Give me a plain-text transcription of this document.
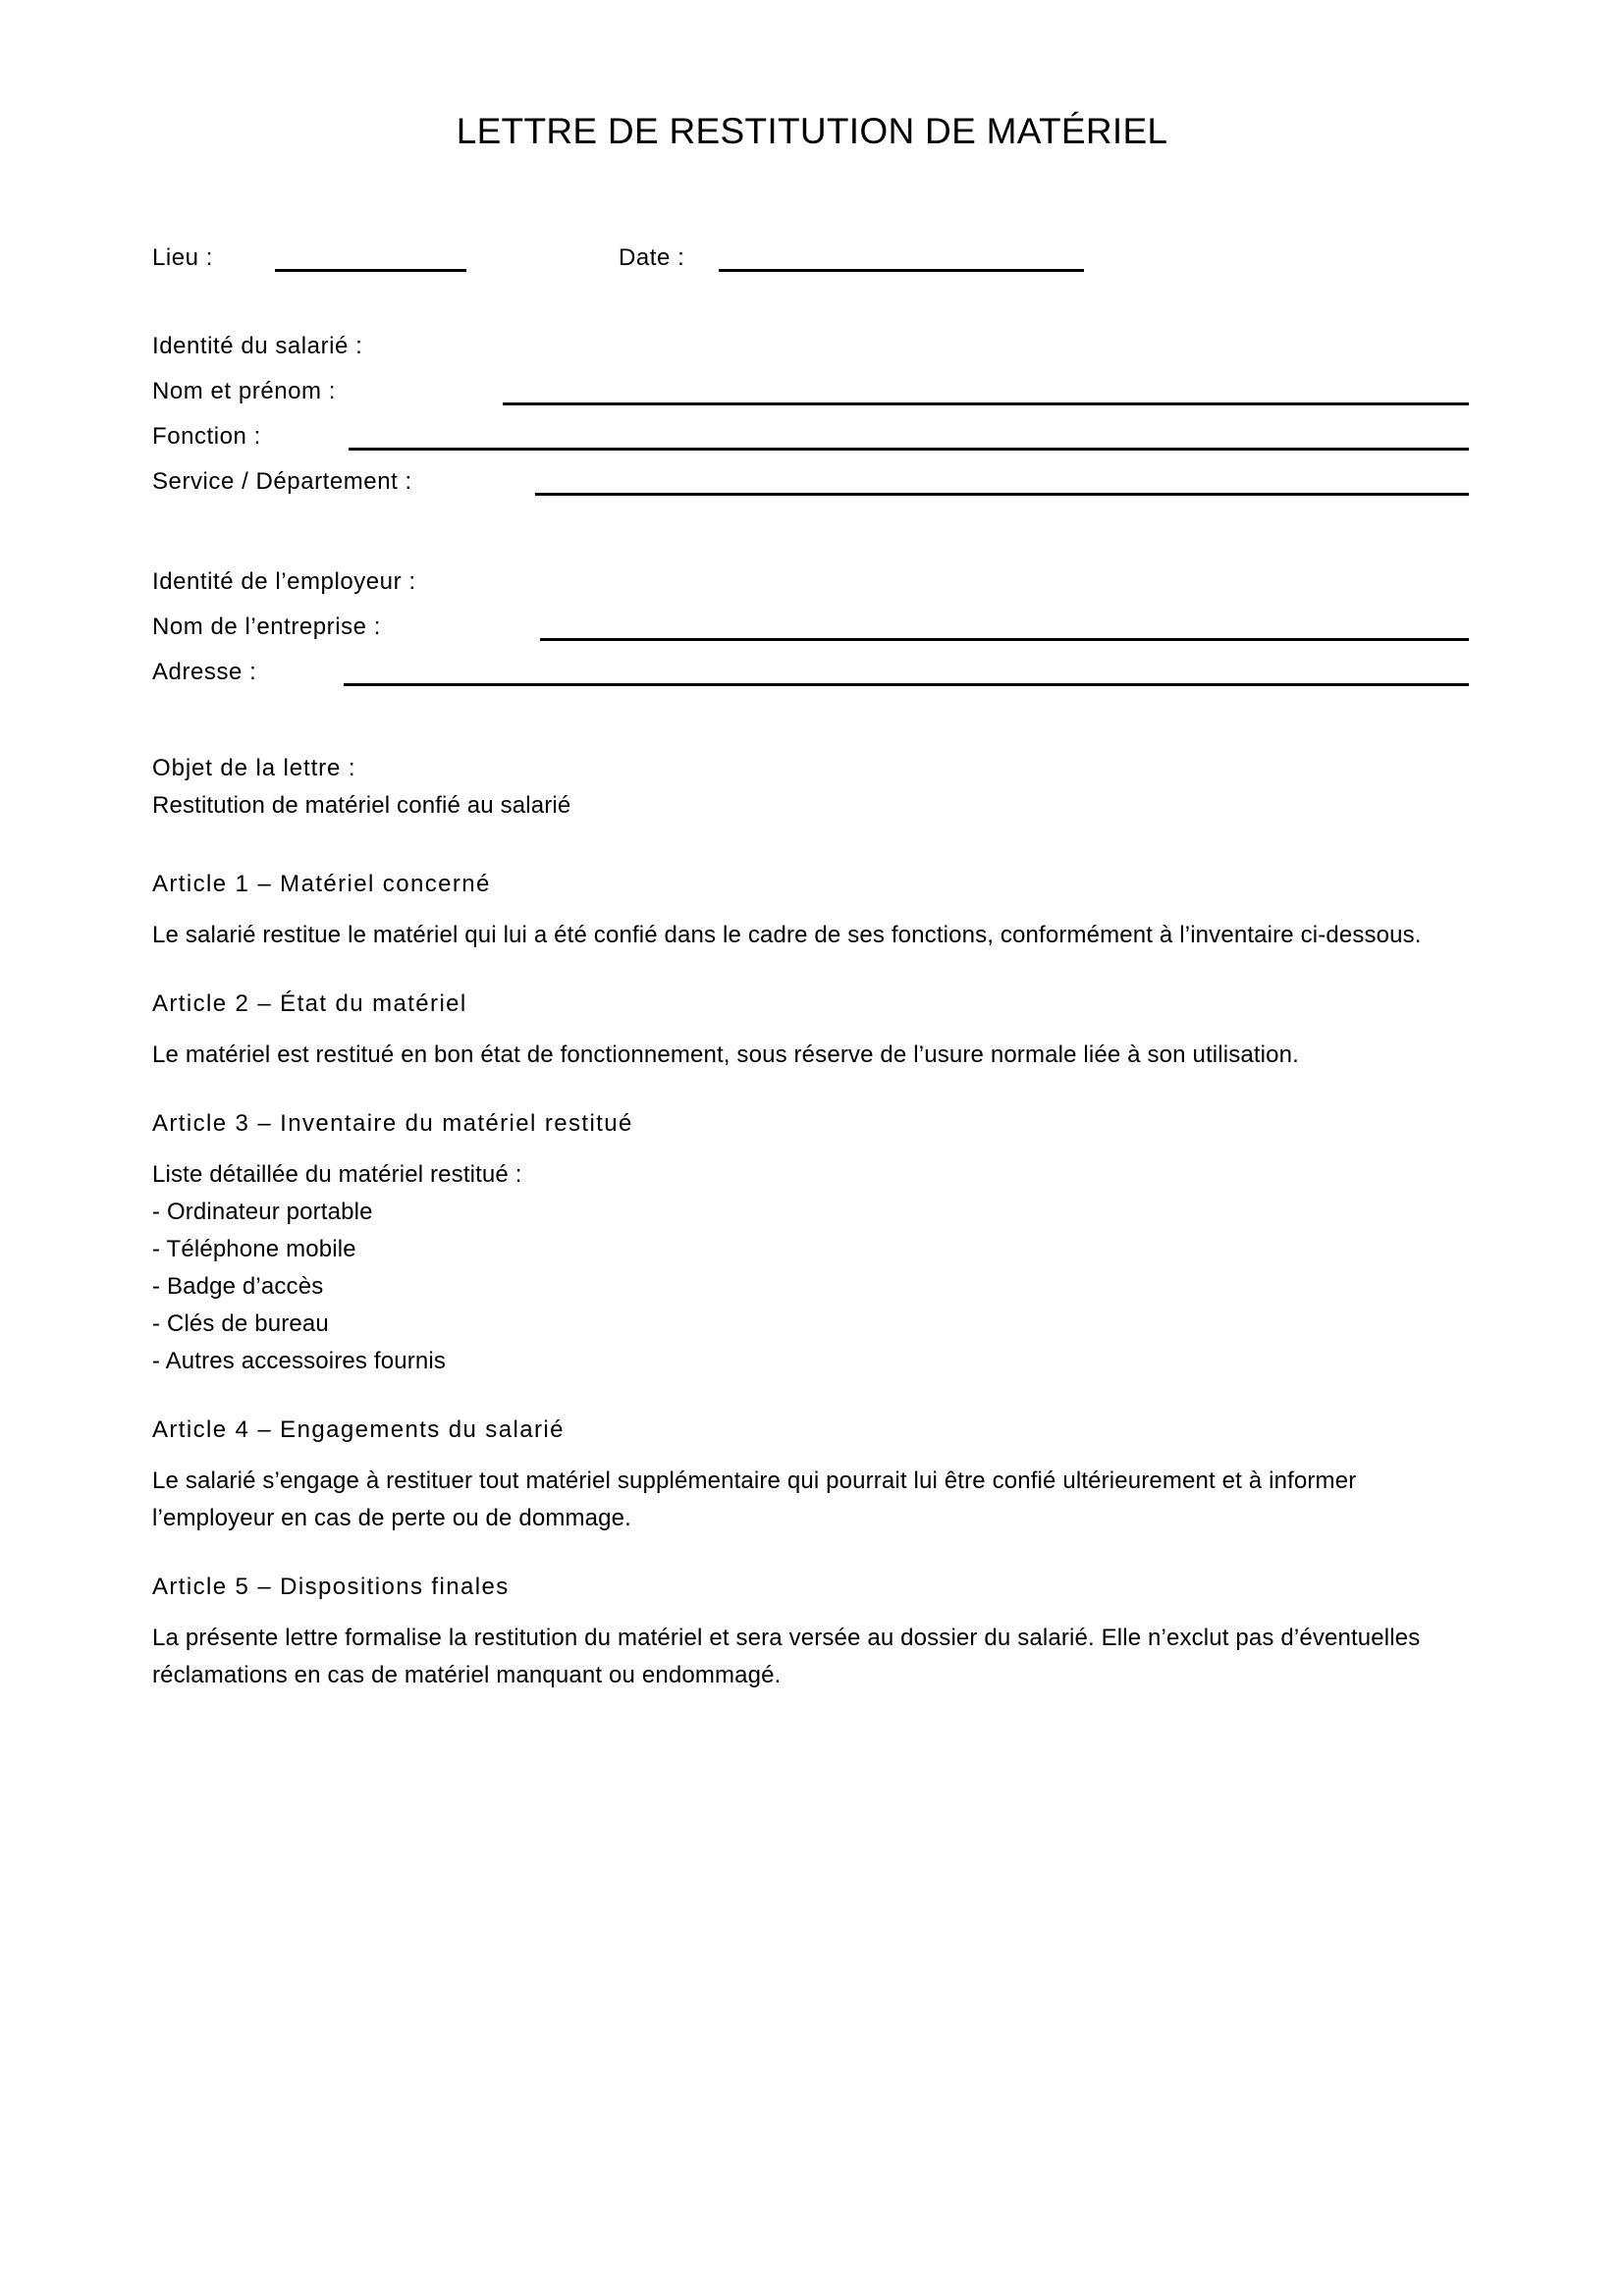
LETTRE DE RESTITUTION DE MATÉRIEL
Lieu :	Date :
Identité du salarié :
Nom et prénom :
Fonction :
Service / Département :
Identité de l’employeur :
Nom de l’entreprise :
Adresse :

Objet de la lettre :

Restitution de matériel confié au salarié

Article 1 – Matériel concerné

Le salarié restitue le matériel qui lui a été confié dans le cadre de ses fonctions, conformément à l’inventaire ci-dessous.

Article 2 – État du matériel

Le matériel est restitué en bon état de fonctionnement, sous réserve de l’usure normale liée à son utilisation.

Article 3 – Inventaire du matériel restitué

Liste détaillée du matériel restitué :

- Ordinateur portable

- Téléphone mobile

- Badge d’accès

- Clés de bureau

- Autres accessoires fournis

Article 4 – Engagements du salarié

Le salarié s’engage à restituer tout matériel supplémentaire qui pourrait lui être confié ultérieurement et à informer l’employeur en cas de perte ou de dommage.

Article 5 – Dispositions finales

La présente lettre formalise la restitution du matériel et sera versée au dossier du salarié. Elle n’exclut pas d’éventuelles réclamations en cas de matériel manquant ou endommagé.
